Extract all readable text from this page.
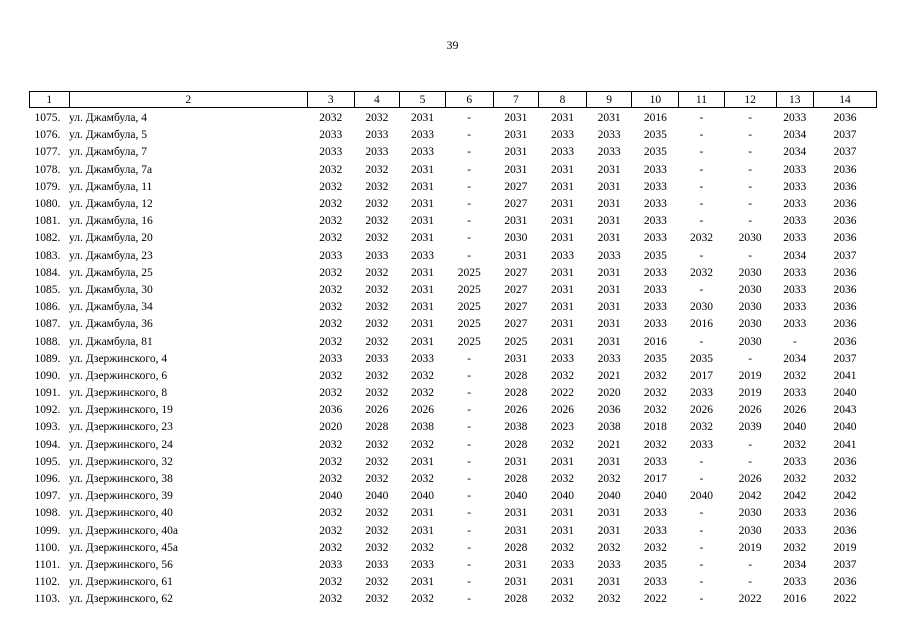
39
1	2	3	4	5	6	7	8	9	10	11	12	13	14
1075.	ул. Джамбула, 4	2032	2032	2031	-	2031	2031	2031	2016	-	-	2033	2036
1076.	ул. Джамбула, 5	2033	2033	2033	-	2031	2033	2033	2035	-	-	2034	2037
1077.	ул. Джамбула, 7	2033	2033	2033	-	2031	2033	2033	2035	-	-	2034	2037
1078.	ул. Джамбула, 7а	2032	2032	2031	-	2031	2031	2031	2033	-	-	2033	2036
1079.	ул. Джамбула, 11	2032	2032	2031	-	2027	2031	2031	2033	-	-	2033	2036
1080.	ул. Джамбула, 12	2032	2032	2031	-	2027	2031	2031	2033	-	-	2033	2036
1081.	ул. Джамбула, 16	2032	2032	2031	-	2031	2031	2031	2033	-	-	2033	2036
1082.	ул. Джамбула, 20	2032	2032	2031	-	2030	2031	2031	2033	2032	2030	2033	2036
1083.	ул. Джамбула, 23	2033	2033	2033	-	2031	2033	2033	2035	-	-	2034	2037
1084.	ул. Джамбула, 25	2032	2032	2031	2025	2027	2031	2031	2033	2032	2030	2033	2036
1085.	ул. Джамбула, 30	2032	2032	2031	2025	2027	2031	2031	2033	-	2030	2033	2036
1086.	ул. Джамбула, 34	2032	2032	2031	2025	2027	2031	2031	2033	2030	2030	2033	2036
1087.	ул. Джамбула, 36	2032	2032	2031	2025	2027	2031	2031	2033	2016	2030	2033	2036
1088.	ул. Джамбула, 81	2032	2032	2031	2025	2025	2031	2031	2016	-	2030	-	2036
1089.	ул. Дзержинского, 4	2033	2033	2033	-	2031	2033	2033	2035	2035	-	2034	2037
1090.	ул. Дзержинского, 6	2032	2032	2032	-	2028	2032	2021	2032	2017	2019	2032	2041
1091.	ул. Дзержинского, 8	2032	2032	2032	-	2028	2022	2020	2032	2033	2019	2033	2040
1092.	ул. Дзержинского, 19	2036	2026	2026	-	2026	2026	2036	2032	2026	2026	2026	2043
1093.	ул. Дзержинского, 23	2020	2028	2038	-	2038	2023	2038	2018	2032	2039	2040	2040
1094.	ул. Дзержинского, 24	2032	2032	2032	-	2028	2032	2021	2032	2033	-	2032	2041
1095.	ул. Дзержинского, 32	2032	2032	2031	-	2031	2031	2031	2033	-	-	2033	2036
1096.	ул. Дзержинского, 38	2032	2032	2032	-	2028	2032	2032	2017	-	2026	2032	2032
1097.	ул. Дзержинского, 39	2040	2040	2040	-	2040	2040	2040	2040	2040	2042	2042	2042
1098.	ул. Дзержинского, 40	2032	2032	2031	-	2031	2031	2031	2033	-	2030	2033	2036
1099.	ул. Дзержинского, 40а	2032	2032	2031	-	2031	2031	2031	2033	-	2030	2033	2036
1100.	ул. Дзержинского, 45а	2032	2032	2032	-	2028	2032	2032	2032	-	2019	2032	2019
1101.	ул. Дзержинского, 56	2033	2033	2033	-	2031	2033	2033	2035	-	-	2034	2037
1102.	ул. Дзержинского, 61	2032	2032	2031	-	2031	2031	2031	2033	-	-	2033	2036
1103.	ул. Дзержинского, 62	2032	2032	2032	-	2028	2032	2032	2022	-	2022	2016	2022
